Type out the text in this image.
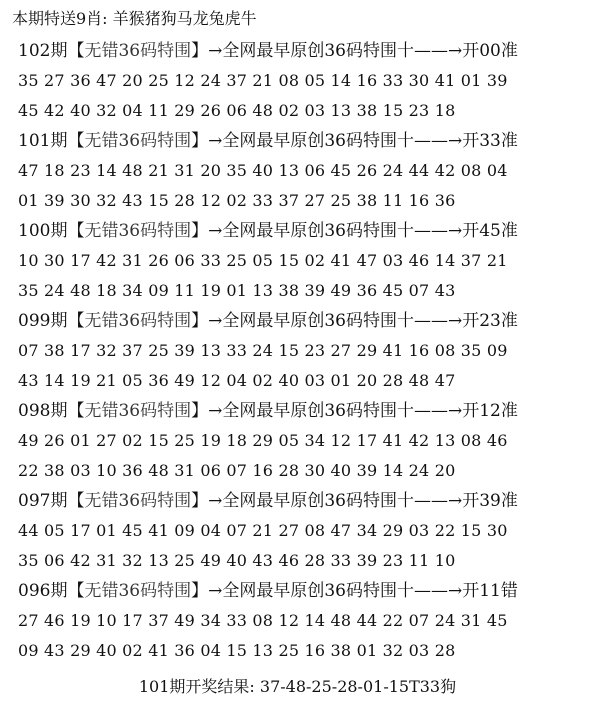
本期特送9肖: 羊猴猪狗马龙兔虎牛
102期【无错36码特围】→全网最早原创36码特围十——→开00准
35 27 36 47 20 25 12 24 37 21 08 05 14 16 33 30 41 01 39
45 42 40 32 04 11 29 26 06 48 02 03 13 38 15 23 18
101期【无错36码特围】→全网最早原创36码特围十——→开33准
47 18 23 14 48 21 31 20 35 40 13 06 45 26 24 44 42 08 04
01 39 30 32 43 15 28 12 02 33 37 27 25 38 11 16 36
100期【无错36码特围】→全网最早原创36码特围十——→开45准
10 30 17 42 31 26 06 33 25 05 15 02 41 47 03 46 14 37 21
35 24 48 18 34 09 11 19 01 13 38 39 49 36 45 07 43
099期【无错36码特围】→全网最早原创36码特围十——→开23准
07 38 17 32 37 25 39 13 33 24 15 23 27 29 41 16 08 35 09
43 14 19 21 05 36 49 12 04 02 40 03 01 20 28 48 47
098期【无错36码特围】→全网最早原创36码特围十——→开12准
49 26 01 27 02 15 25 19 18 29 05 34 12 17 41 42 13 08 46
22 38 03 10 36 48 31 06 07 16 28 30 40 39 14 24 20
097期【无错36码特围】→全网最早原创36码特围十——→开39准
44 05 17 01 45 41 09 04 07 21 27 08 47 34 29 03 22 15 30
35 06 42 31 32 13 25 49 40 43 46 28 33 39 23 11 10
096期【无错36码特围】→全网最早原创36码特围十——→开11错
27 46 19 10 17 37 49 34 33 08 12 14 48 44 22 07 24 31 45
09 43 29 40 02 41 36 04 15 13 25 16 38 01 32 03 28
101期开奖结果: 37-48-25-28-01-15T33狗
